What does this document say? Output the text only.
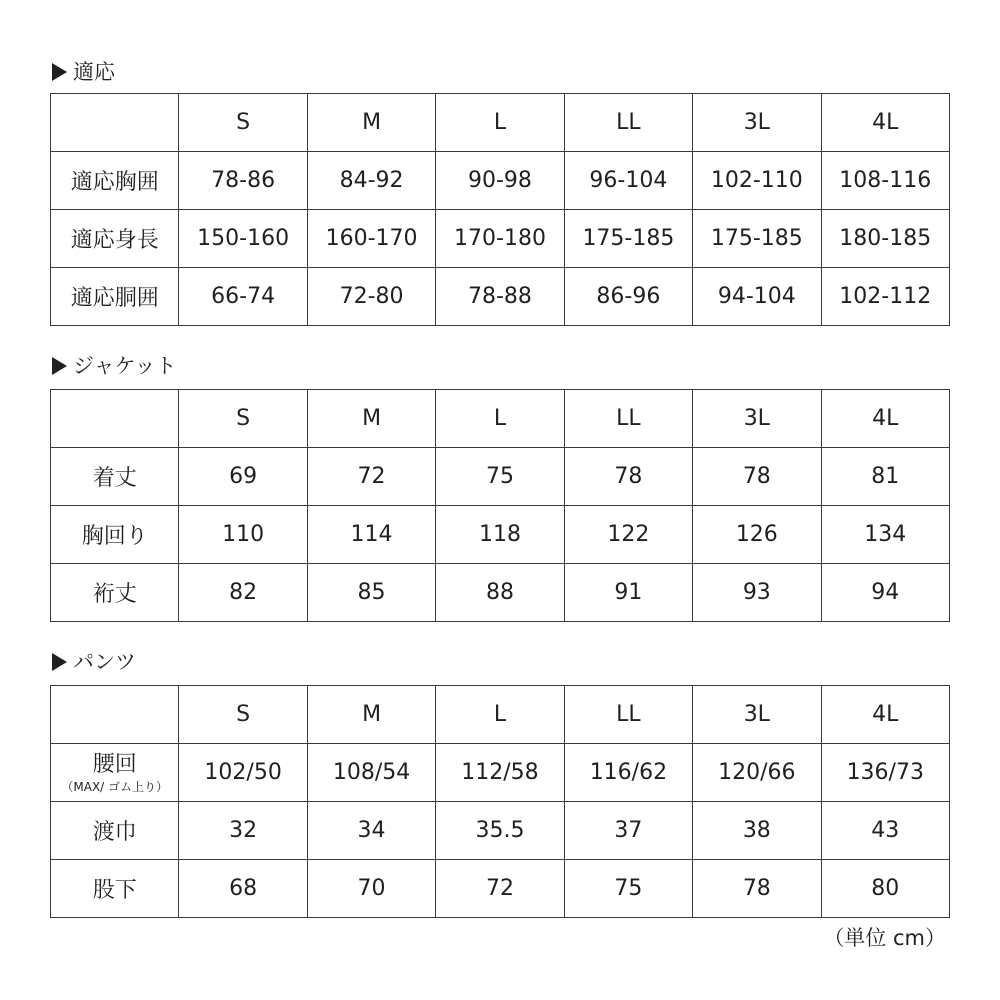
適応
	S	M	L	LL	3L	4L
適応胸囲	78-86	84-92	90-98	96-104	102-110	108-116
適応身長	150-160	160-170	170-180	175-185	175-185	180-185
適応胴囲	66-74	72-80	78-88	86-96	94-104	102-112
ジャケット
	S	M	L	LL	3L	4L
着丈	69	72	75	78	78	81
胸回り	110	114	118	122	126	134
裄丈	82	85	88	91	93	94
パンツ
	S	M	L	LL	3L	4L

腰回
（MAX/ ゴム上り）	102/50	108/54	112/58	116/62	120/66	136/73
渡巾	32	34	35.5	37	38	43
股下	68	70	72	75	78	80
（単位 cm）
